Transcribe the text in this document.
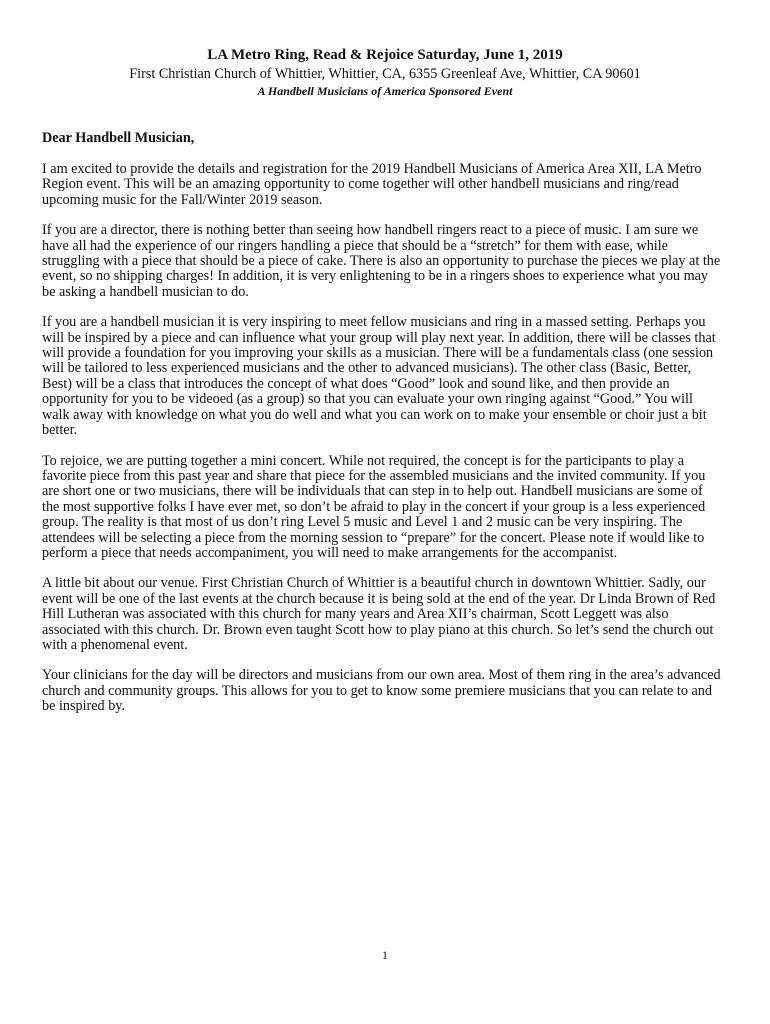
LA Metro Ring, Read & Rejoice Saturday, June 1, 2019
First Christian Church of Whittier, Whittier, CA, 6355 Greenleaf Ave, Whittier, CA 90601
A Handbell Musicians of America Sponsored Event
Dear Handbell Musician,

I am excited to provide the details and registration for the 2019 Handbell Musicians of America Area XII, LA Metro Region event. This will be an amazing opportunity to come together will other handbell musicians and ring/read upcoming music for the Fall/Winter 2019 season.

If you are a director, there is nothing better than seeing how handbell ringers react to a piece of music. I am sure we have all had the experience of our ringers handling a piece that should be a “stretch” for them with ease, while struggling with a piece that should be a piece of cake. There is also an opportunity to purchase the pieces we play at the event, so no shipping charges! In addition, it is very enlightening to be in a ringers shoes to experience what you may be asking a handbell musician to do.

If you are a handbell musician it is very inspiring to meet fellow musicians and ring in a massed setting. Perhaps you will be inspired by a piece and can influence what your group will play next year. In addition, there will be classes that will provide a foundation for you improving your skills as a musician. There will be a fundamentals class (one session will be tailored to less experienced musicians and the other to advanced musicians). The other class (Basic, Better, Best) will be a class that introduces the concept of what does “Good” look and sound like, and then provide an opportunity for you to be videoed (as a group) so that you can evaluate your own ringing against “Good.” You will walk away with knowledge on what you do well and what you can work on to make your ensemble or choir just a bit better.

To rejoice, we are putting together a mini concert. While not required, the concept is for the participants to play a favorite piece from this past year and share that piece for the assembled musicians and the invited community. If you are short one or two musicians, there will be individuals that can step in to help out. Handbell musicians are some of the most supportive folks I have ever met, so don’t be afraid to play in the concert if your group is a less experienced group. The reality is that most of us don’t ring Level 5 music and Level 1 and 2 music can be very inspiring. The attendees will be selecting a piece from the morning session to “prepare” for the concert. Please note if would like to perform a piece that needs accompaniment, you will need to make arrangements for the accompanist.

A little bit about our venue. First Christian Church of Whittier is a beautiful church in downtown Whittier. Sadly, our event will be one of the last events at the church because it is being sold at the end of the year. Dr Linda Brown of Red Hill Lutheran was associated with this church for many years and Area XII’s chairman, Scott Leggett was also associated with this church. Dr. Brown even taught Scott how to play piano at this church. So let’s send the church out with a phenomenal event.

Your clinicians for the day will be directors and musicians from our own area. Most of them ring in the area’s advanced church and community groups. This allows for you to get to know some premiere musicians that you can relate to and be inspired by.

1
